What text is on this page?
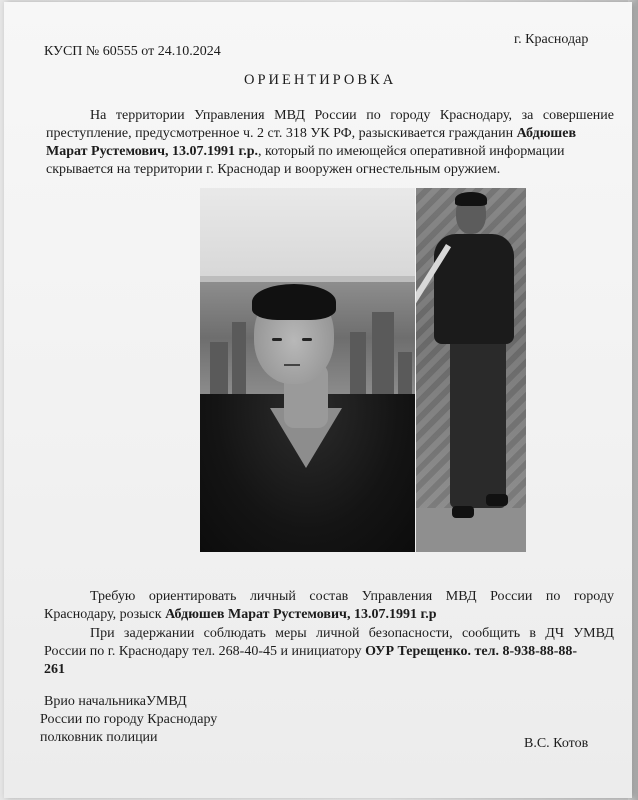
КУСП № 60555 от 24.10.2024
г. Краснодар
ОРИЕНТИРОВКА
На территории Управления МВД России по городу Краснодару, за совершение
преступление, предусмотренное ч. 2 ст. 318 УК РФ, разыскивается гражданин Абдюшев
Марат Рустемович, 13.07.1991 г.р., который по имеющейся оперативной информации
скрывается на территории г. Краснодар и вооружен огнестельным оружием.
Требую ориентировать личный состав Управления МВД России по городу
Краснодару, розыск Абдюшев Марат Рустемович, 13.07.1991 г.р
При задержании соблюдать меры личной безопасности, сообщить в ДЧ УМВД
России по г. Краснодару тел. 268-40-45 и инициатору ОУР Терещенко. тел. 8-938-88-88-
261
Врио начальникаУМВД
России по городу Краснодару
полковник полиции	В.С. Котов
